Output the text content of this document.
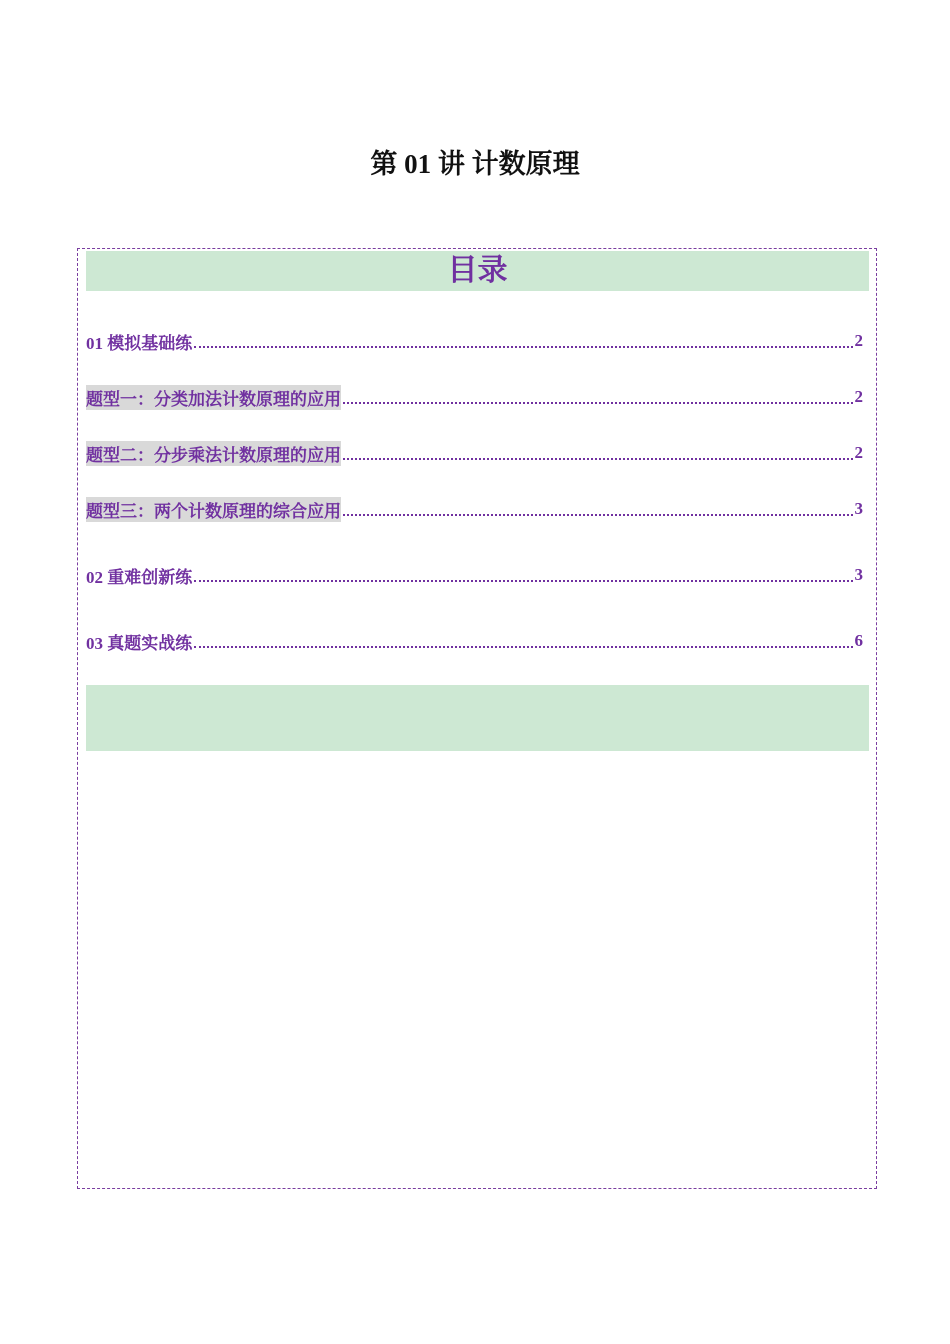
第 01 讲 计数原理
目录
01 模拟基础练	2
题型一：分类加法计数原理的应用	2
题型二：分步乘法计数原理的应用	2
题型三：两个计数原理的综合应用	3
02 重难创新练	3
03 真题实战练	6
